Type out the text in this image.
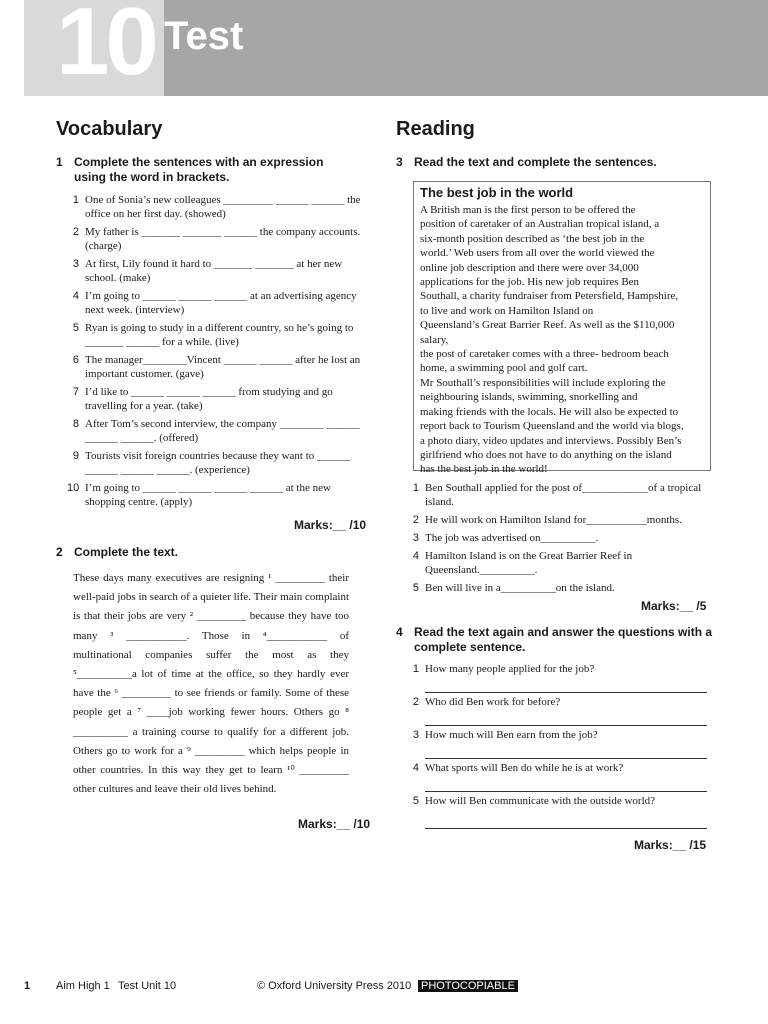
10 Test
Vocabulary
1 Complete the sentences with an expression using the word in brackets.
1 One of Sonia’s new colleagues _________ ______ ______ the office on her first day. (showed)
2 My father is _______ _______ ______ the company accounts. (charge)
3 At first, Lily found it hard to _______ _______ at her new school. (make)
4 I’m going to ______ ______ ______ at an advertising agency next week. (interview)
5 Ryan is going to study in a different country, so he’s going to _______ ______ for a while. (live)
6 The manager________Vincent ______ ______ after he lost an important customer. (gave)
7 I’d like to ______ ______ ______ from studying and go travelling for a year. (take)
8 After Tom’s second interview, the company ________ ______ ______ ______. (offered)
9 Tourists visit foreign countries because they want to ______ ______ ______ ______. (experience)
10 I’m going to ______ ______ ______ ______ at the new shopping centre. (apply)
Marks:__ /10
2 Complete the text.
These days many executives are resigning ¹ _________ their well-paid jobs in search of a quieter life. Their main complaint is that their jobs are very ² _________ because they have too many ³ ___________. Those in ⁴___________ of multinational companies suffer the most as they ⁵__________a lot of time at the office, so they hardly ever have the ⁶ _________ to see friends or family. Some of these people get a ⁷ ____job working fewer hours. Others go ⁸ __________ a training course to qualify for a different job. Others go to work for a ⁹ _________ which helps people in other countries. In this way they get to learn ¹⁰ _________ other cultures and leave their old lives behind.
Marks:__ /10
Reading
3 Read the text and complete the sentences.
The best job in the world
A British man is the first person to be offered the
position of caretaker of an Australian tropical island, a
six-month position described as ‘the best job in the
world.’ Web users from all over the world viewed the
online job description and there were over 34,000
applications for the job. His new job requires Ben
Southall, a charity fundraiser from Petersfield, Hampshire,
to live and work on Hamilton Island on
Queensland’s Great Barrier Reef. As well as the $110,000 salary,
the post of caretaker comes with a three- bedroom beach
home, a swimming pool and golf cart.
Mr Southall’s responsibilities will include exploring the
neighbouring islands, swimming, snorkelling and
making friends with the locals. He will also be expected to
report back to Tourism Queensland and the world via blogs,
a photo diary, video updates and interviews. Possibly Ben’s
girlfriend who does not have to do anything on the island
has the best job in the world!
1 Ben Southall applied for the post of____________of a tropical island.
2 He will work on Hamilton Island for___________months.
3 The job was advertised on__________.
4 Hamilton Island is on the Great Barrier Reef in Queensland.__________.
5 Ben will live in a__________on the island.
Marks:__ /5
4 Read the text again and answer the questions with a complete sentence.
1 How many people applied for the job?
2 Who did Ben work for before?
3 How much will Ben earn from the job?
4 What sports will Ben do while he is at work?
5 How will Ben communicate with the outside world?
Marks:__ /15
1 Aim High 1 Test Unit 10	© Oxford University Press 2010 PHOTOCOPIABLE
